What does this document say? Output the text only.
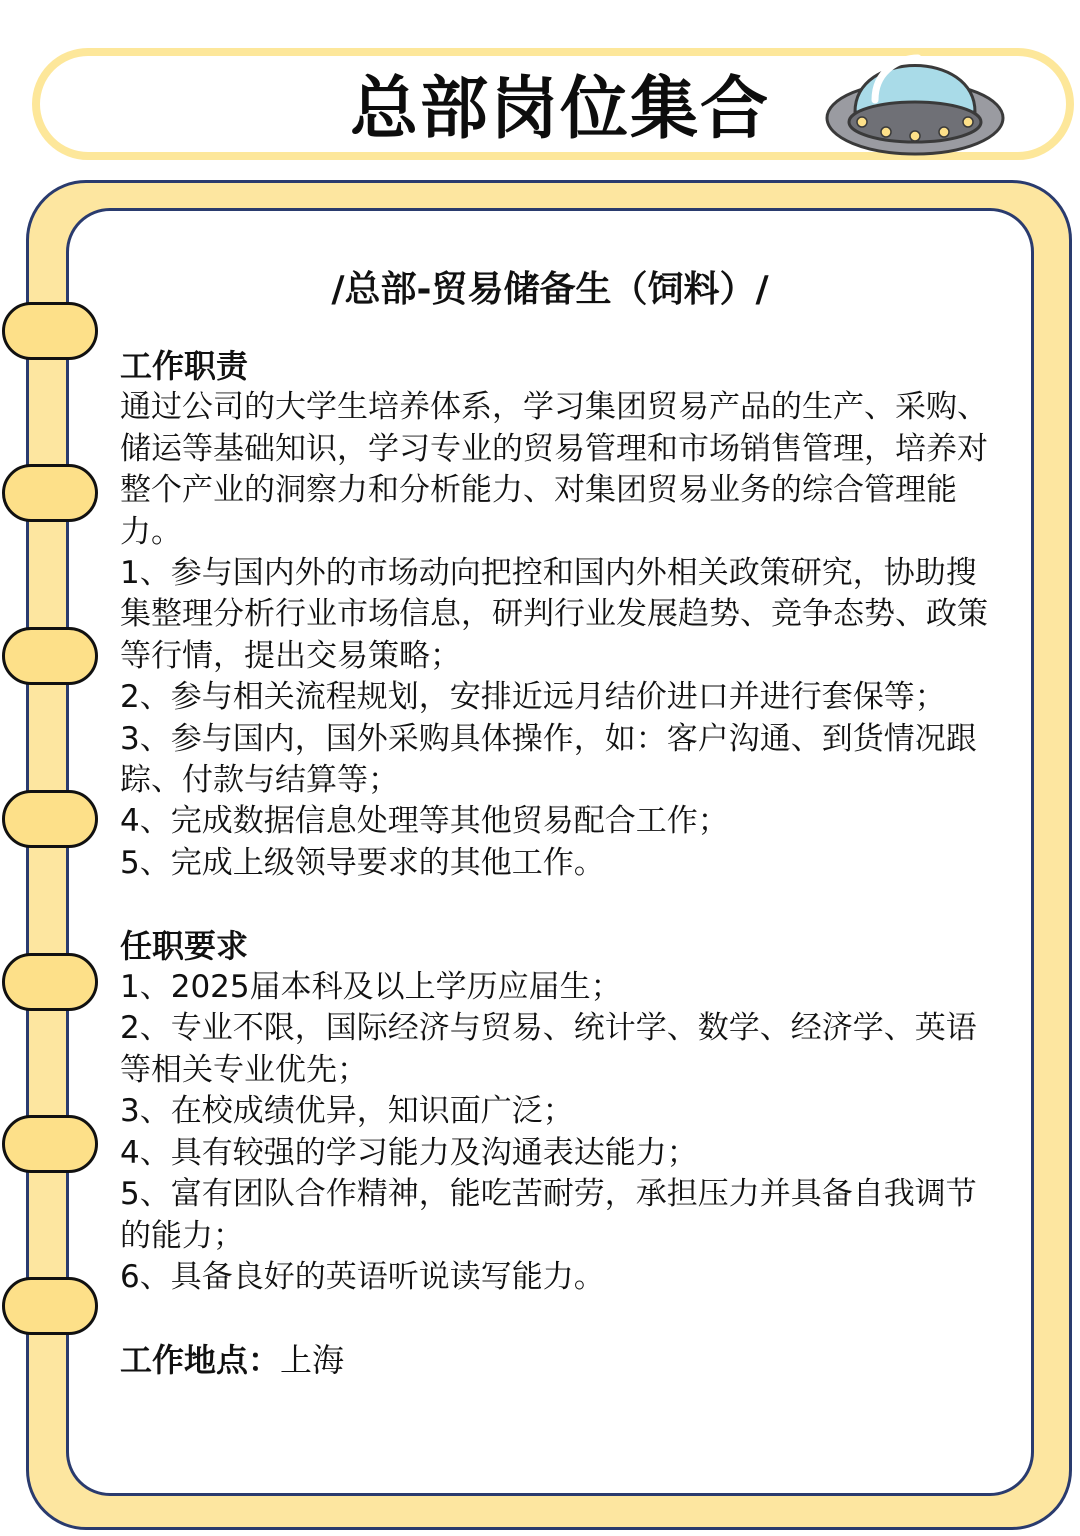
总部岗位集合
/总部-贸易储备生（饲料）/

工作职责

通过公司的大学生培养体系，学习集团贸易产品的生产、采购、储运等基础知识，学习专业的贸易管理和市场销售管理，培养对整个产业的洞察力和分析能力、对集团贸易业务的综合管理能力。

1、参与国内外的市场动向把控和国内外相关政策研究，协助搜集整理分析行业市场信息，研判行业发展趋势、竞争态势、政策等行情，提出交易策略；

2、参与相关流程规划，安排近远月结价进口并进行套保等；

3、参与国内，国外采购具体操作，如：客户沟通、到货情况跟踪、付款与结算等；

4、完成数据信息处理等其他贸易配合工作；

5、完成上级领导要求的其他工作。

任职要求

1、2025届本科及以上学历应届生；

2、专业不限，国际经济与贸易、统计学、数学、经济学、英语等相关专业优先；

3、在校成绩优异，知识面广泛；

4、具有较强的学习能力及沟通表达能力；

5、富有团队合作精神，能吃苦耐劳，承担压力并具备自我调节的能力；

6、具备良好的英语听说读写能力。

工作地点：上海
